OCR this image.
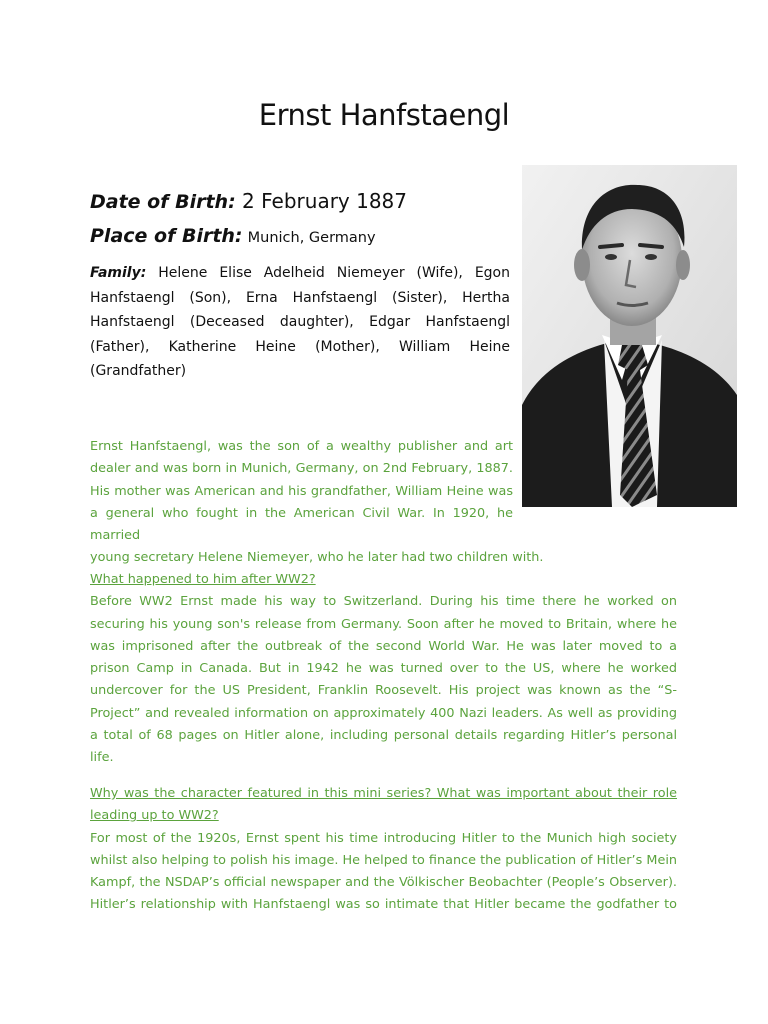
Ernst Hanfstaengl

Date of Birth: 2 February 1887

Place of Birth: Munich, Germany

Family: Helene Elise Adelheid Niemeyer (Wife), Egon Hanfstaengl (Son), Erna Hanfstaengl (Sister), Hertha Hanfstaengl (Deceased daughter), Edgar Hanfstaengl (Father), Katherine Heine (Mother), William Heine (Grandfather)

Ernst Hanfstaengl, was the son of a wealthy publisher and art dealer and was born in Munich, Germany, on 2nd February, 1887. His mother was American and his grandfather, William Heine was a general who fought in the American Civil War. In 1920, he married young secretary Helene Niemeyer, who he later had two children with.

What happened to him after WW2?

Before WW2 Ernst made his way to Switzerland. During his time there he worked on securing his young son's release from Germany. Soon after he moved to Britain, where he was imprisoned after the outbreak of the second World War. He was later moved to a prison Camp in Canada. But in 1942 he was turned over to the US, where he worked undercover for the US President, Franklin Roosevelt. His project was known as the “S-Project” and revealed information on approximately 400 Nazi leaders. As well as providing a total of 68 pages on Hitler alone, including personal details regarding Hitler’s personal life.

Why was the character featured in this mini series? What was important about their role leading up to WW2?

For most of the 1920s, Ernst spent his time introducing Hitler to the Munich high society whilst also helping to polish his image. He helped to finance the publication of Hitler’s Mein Kampf, the NSDAP’s official newspaper and the Völkischer Beobachter (People’s Observer). Hitler’s relationship with Hanfstaengl was so intimate that Hitler became the godfather to
